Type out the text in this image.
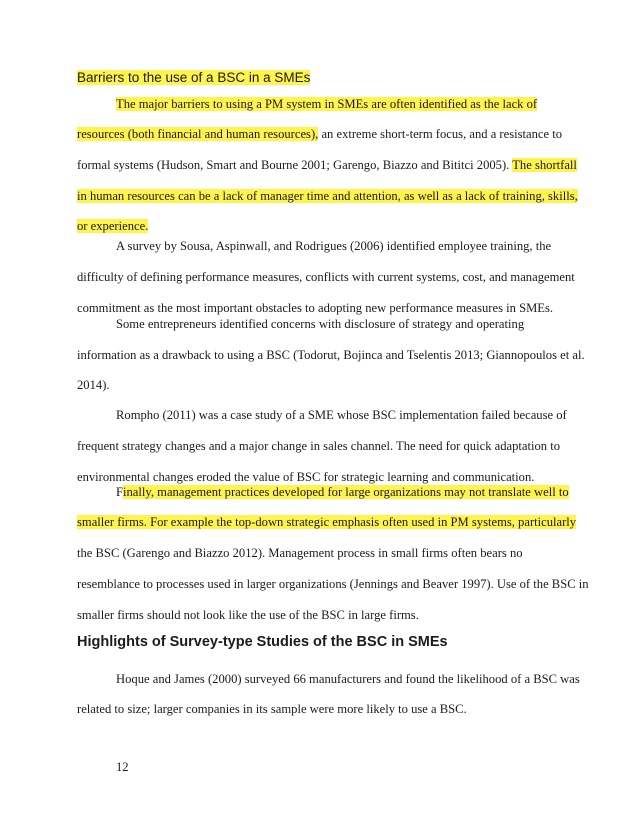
Barriers to the use of a BSC in a SMEs
The major barriers to using a PM system in SMEs are often identified as the lack of
resources (both financial and human resources), an extreme short-term focus, and a resistance to
formal systems (Hudson, Smart and Bourne 2001; Garengo, Biazzo and Bititci 2005). The shortfall
in human resources can be a lack of manager time and attention, as well as a lack of training, skills,
or experience.
A survey by Sousa, Aspinwall, and Rodrigues (2006) identified employee training, the
difficulty of defining performance measures, conflicts with current systems, cost, and management
commitment as the most important obstacles to adopting new performance measures in SMEs.
Some entrepreneurs identified concerns with disclosure of strategy and operating
information as a drawback to using a BSC (Todorut, Bojinca and Tselentis 2013; Giannopoulos et al.
2014).
Rompho (2011) was a case study of a SME whose BSC implementation failed because of
frequent strategy changes and a major change in sales channel. The need for quick adaptation to
environmental changes eroded the value of BSC for strategic learning and communication.
Finally, management practices developed for large organizations may not translate well to
smaller firms. For example the top-down strategic emphasis often used in PM systems, particularly
the BSC (Garengo and Biazzo 2012). Management process in small firms often bears no
resemblance to processes used in larger organizations (Jennings and Beaver 1997). Use of the BSC in
smaller firms should not look like the use of the BSC in large firms.
Highlights of Survey-type Studies of the BSC in SMEs
Hoque and James (2000) surveyed 66 manufacturers and found the likelihood of a BSC was
related to size; larger companies in its sample were more likely to use a BSC.
12
